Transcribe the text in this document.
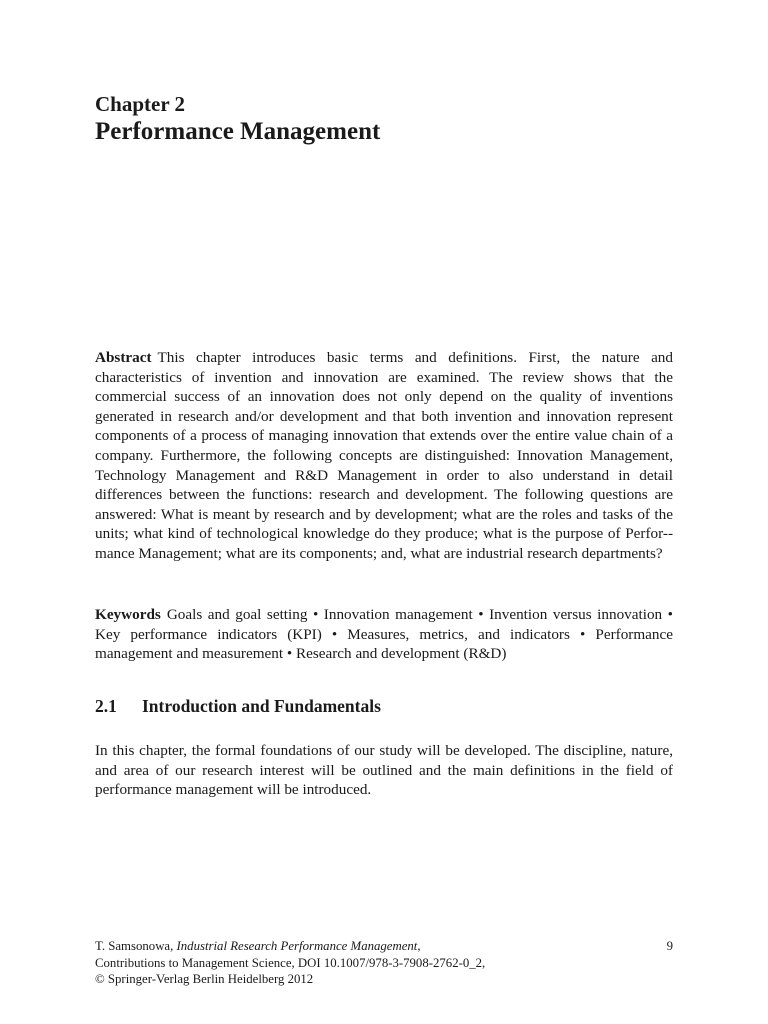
Chapter 2
Performance Management

Abstract This chapter introduces basic terms and definitions. First, the nature and characteristics of invention and innovation are examined. The review shows that the commercial success of an innovation does not only depend on the quality of inventions generated in research and/or development and that both invention and innovation represent components of a process of managing innovation that extends over the entire value chain of a company. Furthermore, the following concepts are distinguished: Innovation Management, Technology Management and R&D Management in order to also understand in detail differences between the functions: research and development. The following questions are answered: What is meant by research and by development; what are the roles and tasks of the units; what kind of technological knowledge do they produce; what is the purpose of Perfor-mance Management; what are its components; and, what are industrial research departments?

Keywords Goals and goal setting • Innovation management • Invention versus innovation • Key performance indicators (KPI) • Measures, metrics, and indicators • Performance management and measurement • Research and development (R&D)

2.1 Introduction and Fundamentals

In this chapter, the formal foundations of our study will be developed. The discipline, nature, and area of our research interest will be outlined and the main definitions in the field of performance management will be introduced.

T. Samsonowa, Industrial Research Performance Management,
Contributions to Management Science, DOI 10.1007/978-3-7908-2762-0_2,
© Springer-Verlag Berlin Heidelberg 2012
9
